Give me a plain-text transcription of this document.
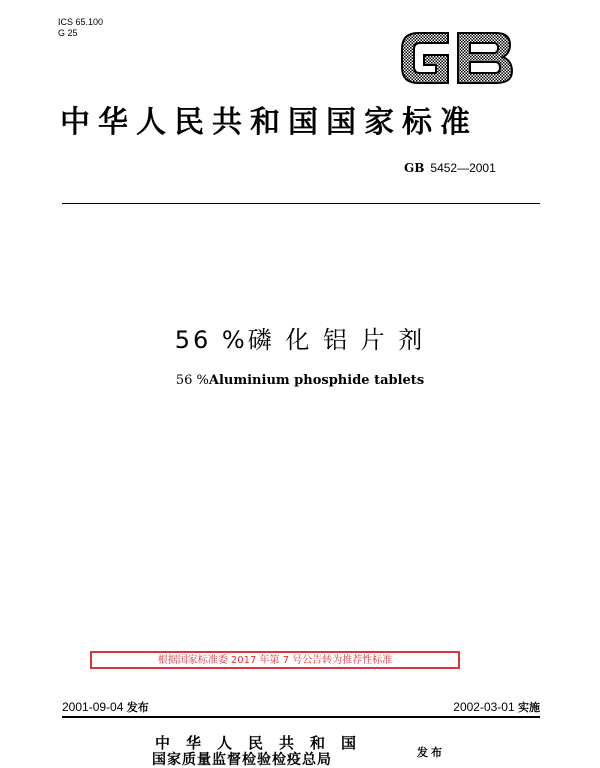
ICS 65.100
G 25
中华人民共和国国家标准
GB 5452—2001
56 %磷 化 铝 片 剂
56 %Aluminium phosphide tablets
根据国家标准委 2017 年第 7 号公告转为推荐性标准
2001-09-04 发布	2002-03-01 实施
中华人民共和国
国家质量监督检验检疫总局	发布
